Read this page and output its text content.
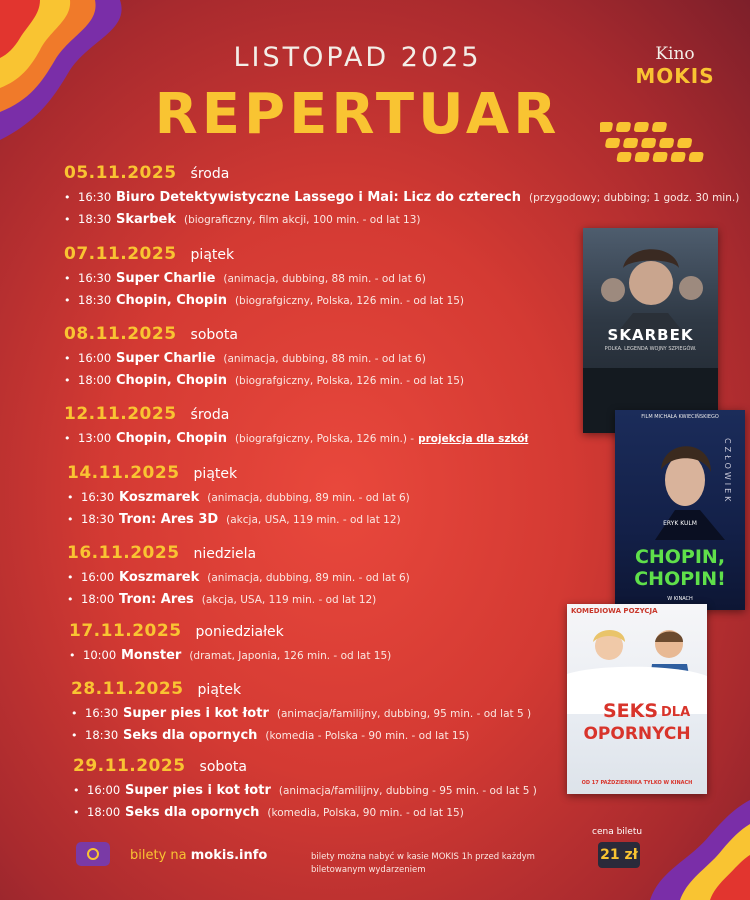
LISTOPAD 2025
REPERTUAR
Kino
MOKIS
05.11.2025 środa
• 16:30 Biuro Detektywistyczne Lassego i Mai: Licz do czterech (przygodowy; dubbing; 1 godz. 30 min.)
• 18:30 Skarbek (biograficzny, film akcji, 100 min. - od lat 13)
07.11.2025 piątek
• 16:30 Super Charlie (animacja, dubbing, 88 min. - od lat 6)
• 18:30 Chopin, Chopin (biografgiczny, Polska, 126 min. - od lat 15)
08.11.2025 sobota
• 16:00 Super Charlie (animacja, dubbing, 88 min. - od lat 6)
• 18:00 Chopin, Chopin (biografgiczny, Polska, 126 min. - od lat 15)
12.11.2025 środa
• 13:00 Chopin, Chopin (biografgiczny, Polska, 126 min.) - projekcja dla szkół
14.11.2025 piątek
• 16:30 Koszmarek (animacja, dubbing, 89 min. - od lat 6)
• 18:30 Tron: Ares 3D (akcja, USA, 119 min. - od lat 12)
16.11.2025 niedziela
• 16:00 Koszmarek (animacja, dubbing, 89 min. - od lat 6)
• 18:00 Tron: Ares (akcja, USA, 119 min. - od lat 12)
17.11.2025 poniedziałek
• 10:00 Monster (dramat, Japonia, 126 min. - od lat 15)
28.11.2025 piątek
• 16:30 Super pies i kot łotr (animacja/familijny, dubbing, 95 min. - od lat 5 )
• 18:30 Seks dla opornych (komedia - Polska - 90 min. - od lat 15)
29.11.2025 sobota
• 16:00 Super pies i kot łotr (animacja/familijny, dubbing - 95 min. - od lat 5 )
• 18:00 Seks dla opornych (komedia, Polska, 90 min. - od lat 15)
SKARBEK
POLKA. LEGENDA WOJNY SZPIEGÓW.
FILM MICHAŁA KWIECIŃSKIEGO
CZŁOWIEK
ERYK KULM
CHOPIN,
CHOPIN!
W KINACH
KOMEDIOWA POZYCJA
SEKS DLA
OPORNYCH
OD 17 PAŹDZIERNIKA TYLKO W KINACH
bilety na mokis.info	bilety można nabyć w kasie MOKIS 1h przed każdym biletowanym wydarzeniem
cena biletu
21 zł
